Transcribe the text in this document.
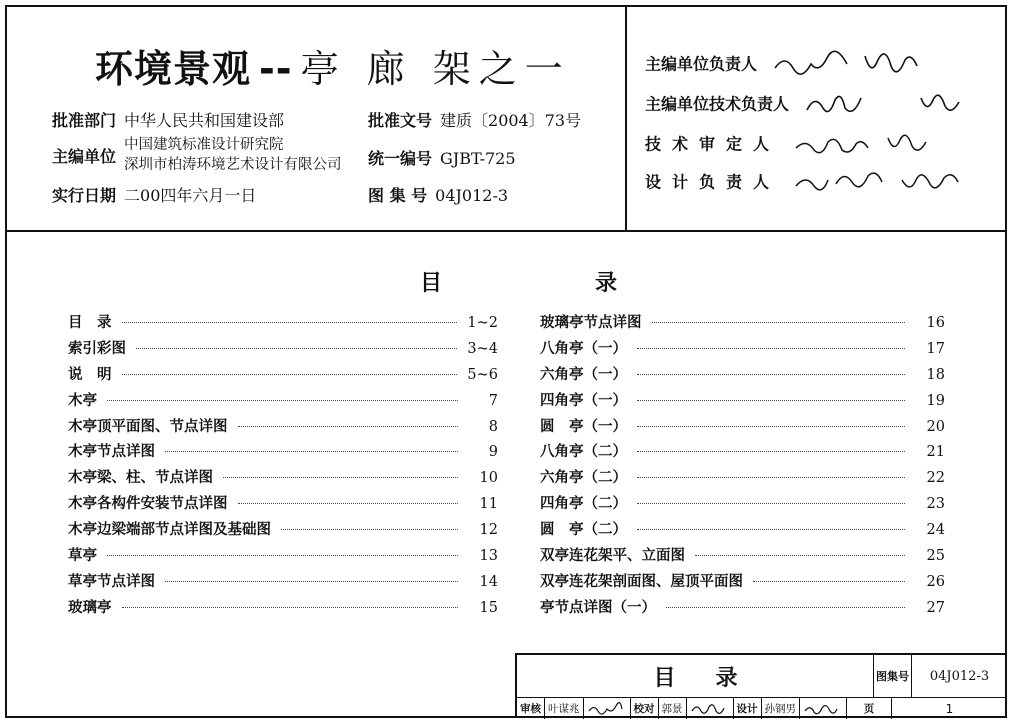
环境景观 -- 亭 廊 架之一
批准部门 中华人民共和国建设部
主编单位
中国建筑标准设计研究院
深圳市柏涛环境艺术设计有限公司
实行日期 二00四年六月一日
批准文号 建质〔2004〕73号
统一编号 GJBT-725
图 集 号 04J012-3
主编单位负责人
主编单位技术负责人
技术审定人
设计负责人
目	录
目　录	1~2
索引彩图	3~4
说　明	5~6
木亭	7
木亭顶平面图、节点详图	8
木亭节点详图	9
木亭梁、柱、节点详图	10
木亭各构件安装节点详图	11
木亭边梁端部节点详图及基础图	12
草亭	13
草亭节点详图	14
玻璃亭	15
玻璃亭节点详图	16
八角亭（一）	17
六角亭（一）	18
四角亭（一）	19
圆　亭（一）	20
八角亭（二）	21
六角亭（二）	22
四角亭（二）	23
圆　亭（二）	24
双亭连花架平、立面图	25
双亭连花架剖面图、屋顶平面图	26
亭节点详图（一）	27
目录	图集号	04J012-3
审核 叶谋兆	校对 郭景	设计 孙钢男	页	1
